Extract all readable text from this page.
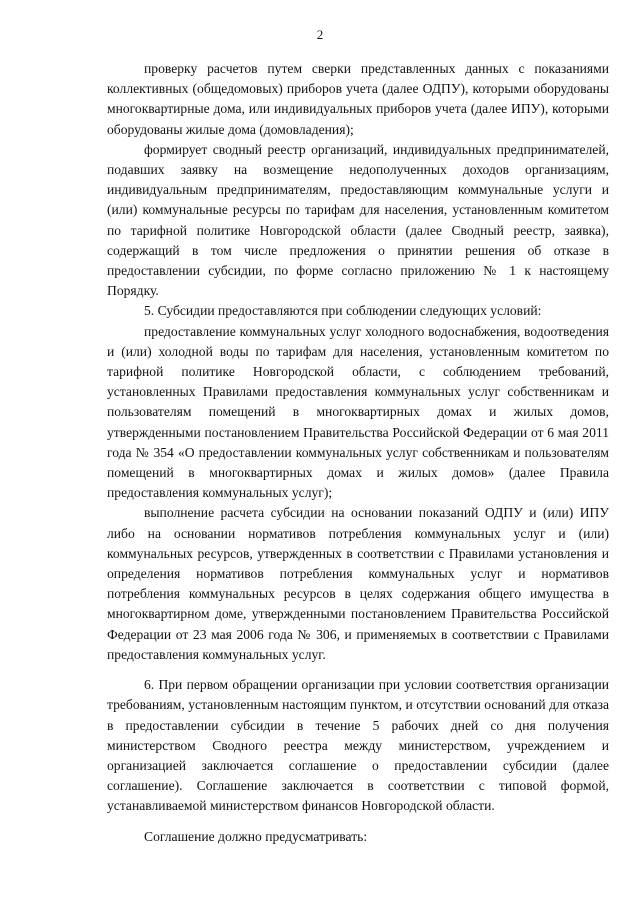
2

проверку расчетов путем сверки представленных данных с показаниями коллективных (общедомовых) приборов учета (далее ОДПУ), которыми оборудованы многоквартирные дома, или индивидуальных приборов учета (далее ИПУ), которыми оборудованы жилые дома (домовладения);

формирует сводный реестр организаций, индивидуальных предпринимателей, подавших заявку на возмещение недополученных доходов организациям, индивидуальным предпринимателям, предоставляющим коммунальные услуги и (или) коммунальные ресурсы по тарифам для населения, установленным комитетом по тарифной политике Новгородской области (далее Сводный реестр, заявка), содержащий в том числе предложения о принятии решения об отказе в предоставлении субсидии, по форме согласно приложению № 1 к настоящему Порядку.

5. Субсидии предоставляются при соблюдении следующих условий:

предоставление коммунальных услуг холодного водоснабжения, водоотведения и (или) холодной воды по тарифам для населения, установленным комитетом по тарифной политике Новгородской области, с соблюдением требований, установленных Правилами предоставления коммунальных услуг собственникам и пользователям помещений в многоквартирных домах и жилых домов, утвержденными постановлением Правительства Российской Федерации от 6 мая 2011 года № 354 «О предоставлении коммунальных услуг собственникам и пользователям помещений в многоквартирных домах и жилых домов» (далее Правила предоставления коммунальных услуг);

выполнение расчета субсидии на основании показаний ОДПУ и (или) ИПУ либо на основании нормативов потребления коммунальных услуг и (или) коммунальных ресурсов, утвержденных в соответствии с Правилами установления и определения нормативов потребления коммунальных услуг и нормативов потребления коммунальных ресурсов в целях содержания общего имущества в многоквартирном доме, утвержденными постановлением Правительства Российской Федерации от 23 мая 2006 года № 306, и применяемых в соответствии с Правилами предоставления коммунальных услуг.

6. При первом обращении организации при условии соответствия организации требованиям, установленным настоящим пунктом, и отсутствии оснований для отказа в предоставлении субсидии в течение 5 рабочих дней со дня получения министерством Сводного реестра между министерством, учреждением и организацией заключается соглашение о предоставлении субсидии (далее соглашение). Соглашение заключается в соответствии с типовой формой, устанавливаемой министерством финансов Новгородской области.

Соглашение должно предусматривать:
